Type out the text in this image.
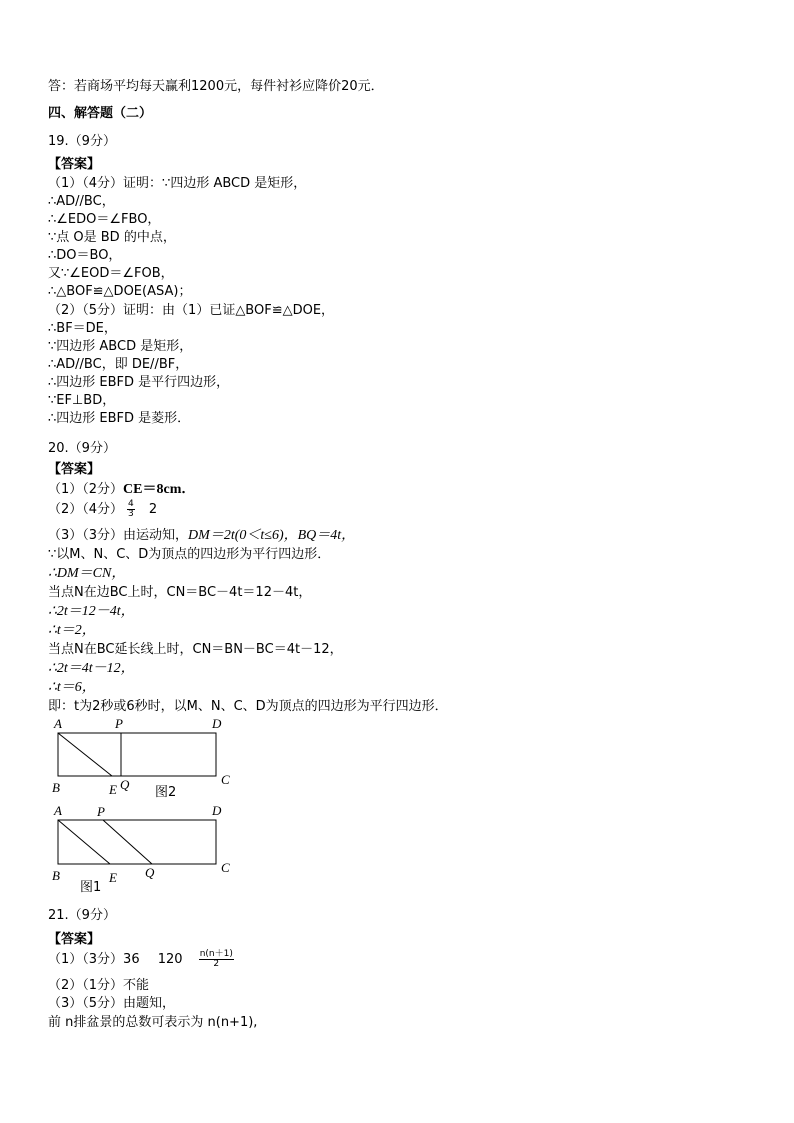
答：若商场平均每天赢利1200元，每件衬衫应降价20元．
四、解答题（二）
19.（9分）
【答案】
（1）（4分）证明：∵四边形 ABCD 是矩形，
∴AD//BC，
∴∠EDO＝∠FBO，
∵点 O是 BD 的中点，
∴DO＝BO，
又∵∠EOD＝∠FOB，
∴△BOF≌△DOE(ASA)；
（2）（5分）证明：由（1）已证△BOF≌△DOE，
∴BF＝DE，
∵四边形 ABCD 是矩形，
∴AD//BC，即 DE//BF，
∴四边形 EBFD 是平行四边形，
∵EF⊥BD，
∴四边形 EBFD 是菱形．
20.（9分）
【答案】
（1）（2分）CE＝8cm．
（2）（4分） $\frac{4}{3} 2$
（3）（3分）由运动知，DM＝2t(0＜t≤6)，BQ＝4t，
∵以M、N、C、D为顶点的四边形为平行四边形．
∴DM＝CN，
当点N在边BC上时，CN＝BC－4t＝12－4t，
∴2t＝12－4t，
∴t＝2，
当点N在BC延长线上时，CN＝BN－BC＝4t－12，
∴2t＝4t－12，
∴t＝6，
即：t为2秒或6秒时，以M、N、C、D为顶点的四边形为平行四边形．
A	P	D
B	E Q	C
图2
A	P	D
B	E Q	C
图1
21.（9分）
【答案】
（1）（3分）36 $120 \frac{n(n+1)}{2}$
（2）（1分）不能
（3）（5分）由题知，
前 n排盆景的总数可表示为 n(n+1),
